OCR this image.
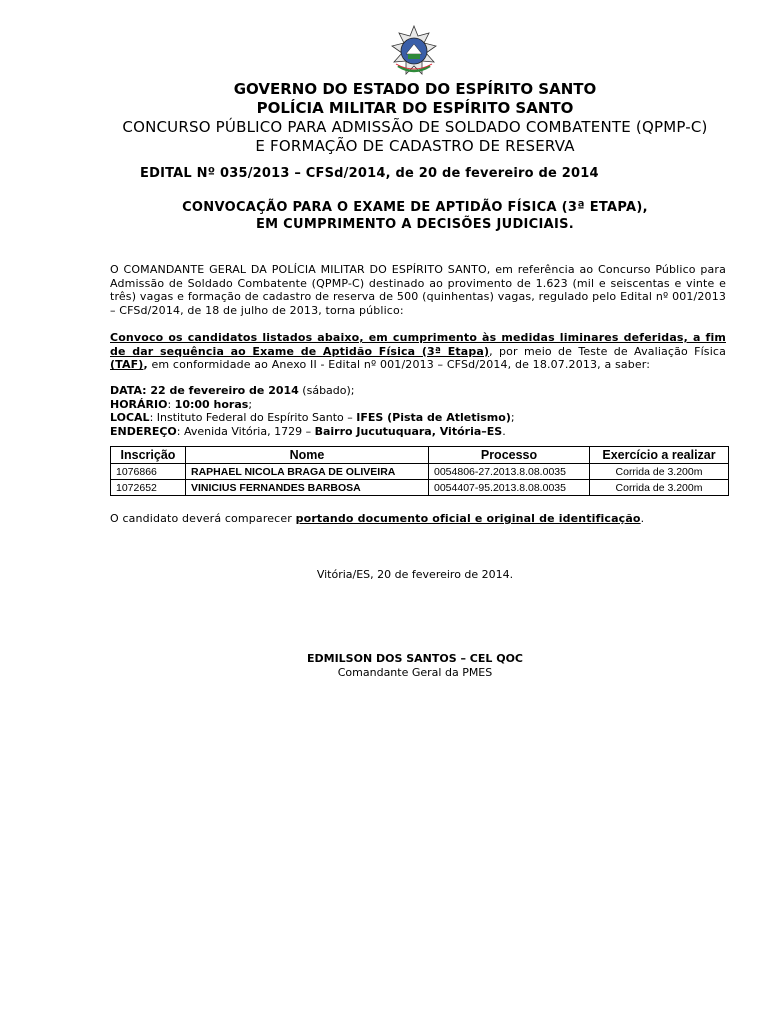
GOVERNO DO ESTADO DO ESPÍRITO SANTO
POLÍCIA MILITAR DO ESPÍRITO SANTO
CONCURSO PÚBLICO PARA ADMISSÃO DE SOLDADO COMBATENTE (QPMP-C)
E FORMAÇÃO DE CADASTRO DE RESERVA
EDITAL Nº 035/2013 – CFSd/2014, de 20 de fevereiro de 2014
CONVOCAÇÃO PARA O EXAME DE APTIDÃO FÍSICA (3ª ETAPA),
EM CUMPRIMENTO A DECISÕES JUDICIAIS.
O COMANDANTE GERAL DA POLÍCIA MILITAR DO ESPÍRITO SANTO, em referência ao Concurso Público para Admissão de Soldado Combatente (QPMP-C) destinado ao provimento de 1.623 (mil e seiscentas e vinte e três) vagas e formação de cadastro de reserva de 500 (quinhentas) vagas, regulado pelo Edital nº 001/2013 – CFSd/2014, de 18 de julho de 2013, torna público:
Convoco os candidatos listados abaixo, em cumprimento às medidas liminares deferidas, a fim de dar sequência ao Exame de Aptidão Física (3ª Etapa), por meio de Teste de Avaliação Física (TAF), em conformidade ao Anexo II - Edital nº 001/2013 – CFSd/2014, de 18.07.2013, a saber:
DATA: 22 de fevereiro de 2014 (sábado);
HORÁRIO: 10:00 horas;
LOCAL: Instituto Federal do Espírito Santo – IFES (Pista de Atletismo);
ENDEREÇO: Avenida Vitória, 1729 – Bairro Jucutuquara, Vitória–ES.
Inscrição	Nome	Processo	Exercício a realizar
1076866	RAPHAEL NICOLA BRAGA DE OLIVEIRA	0054806-27.2013.8.08.0035	Corrida de 3.200m
1072652	VINICIUS FERNANDES BARBOSA	0054407-95.2013.8.08.0035	Corrida de 3.200m
O candidato deverá comparecer portando documento oficial e original de identificação.
Vitória/ES, 20 de fevereiro de 2014.
EDMILSON DOS SANTOS – CEL QOC
Comandante Geral da PMES
